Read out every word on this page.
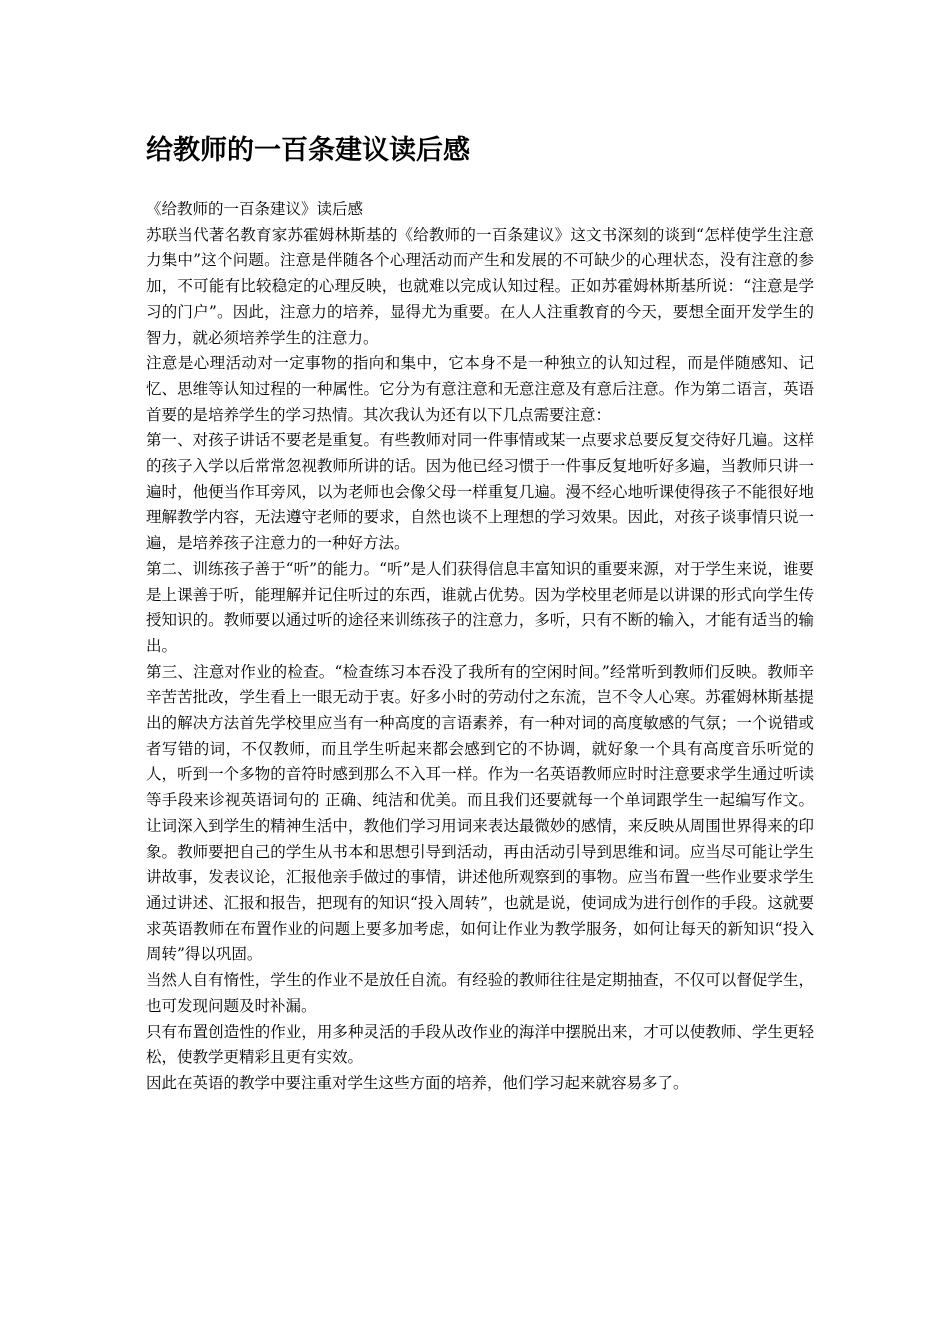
给教师的一百条建议读后感

《给教师的一百条建议》读后感

苏联当代著名教育家苏霍姆林斯基的《给教师的一百条建议》这文书深刻的谈到“怎样使学生注意力集中”这个问题。注意是伴随各个心理活动而产生和发展的不可缺少的心理状态，没有注意的参加，不可能有比较稳定的心理反映，也就难以完成认知过程。正如苏霍姆林斯基所说：“注意是学习的门户”。因此，注意力的培养，显得尤为重要。在人人注重教育的今天，要想全面开发学生的智力，就必须培养学生的注意力。

注意是心理活动对一定事物的指向和集中，它本身不是一种独立的认知过程，而是伴随感知、记忆、思维等认知过程的一种属性。它分为有意注意和无意注意及有意后注意。作为第二语言，英语首要的是培养学生的学习热情。其次我认为还有以下几点需要注意：

第一、对孩子讲话不要老是重复。有些教师对同一件事情或某一点要求总要反复交待好几遍。这样的孩子入学以后常常忽视教师所讲的话。因为他已经习惯于一件事反复地听好多遍，当教师只讲一遍时，他便当作耳旁风，以为老师也会像父母一样重复几遍。漫不经心地听课使得孩子不能很好地理解教学内容，无法遵守老师的要求，自然也谈不上理想的学习效果。因此，对孩子谈事情只说一遍，是培养孩子注意力的一种好方法。

第二、训练孩子善于“听”的能力。“听”是人们获得信息丰富知识的重要来源，对于学生来说，谁要是上课善于听，能理解并记住听过的东西，谁就占优势。因为学校里老师是以讲课的形式向学生传授知识的。教师要以通过听的途径来训练孩子的注意力，多听，只有不断的输入，才能有适当的输出。

第三、注意对作业的检查。“检查练习本吞没了我所有的空闲时间。”经常听到教师们反映。教师辛辛苦苦批改，学生看上一眼无动于衷。好多小时的劳动付之东流，岂不令人心寒。苏霍姆林斯基提出的解决方法首先学校里应当有一种高度的言语素养，有一种对词的高度敏感的气氛；一个说错或者写错的词，不仅教师，而且学生听起来都会感到它的不协调，就好象一个具有高度音乐听觉的人，听到一个多物的音符时感到那么不入耳一样。作为一名英语教师应时时注意要求学生通过听读等手段来诊视英语词句的 正确、纯洁和优美。而且我们还要就每一个单词跟学生一起编写作文。让词深入到学生的精神生活中，教他们学习用词来表达最微妙的感情，来反映从周围世界得来的印象。教师要把自己的学生从书本和思想引导到活动，再由活动引导到思维和词。应当尽可能让学生讲故事，发表议论，汇报他亲手做过的事情，讲述他所观察到的事物。应当布置一些作业要求学生通过讲述、汇报和报告，把现有的知识“投入周转”，也就是说，使词成为进行创作的手段。这就要求英语教师在布置作业的问题上要多加考虑，如何让作业为教学服务，如何让每天的新知识“投入周转”得以巩固。

当然人自有惰性，学生的作业不是放任自流。有经验的教师往往是定期抽查，不仅可以督促学生，也可发现问题及时补漏。

只有布置创造性的作业，用多种灵活的手段从改作业的海洋中摆脱出来，才可以使教师、学生更轻松，使教学更精彩且更有实效。

因此在英语的教学中要注重对学生这些方面的培养，他们学习起来就容易多了。
